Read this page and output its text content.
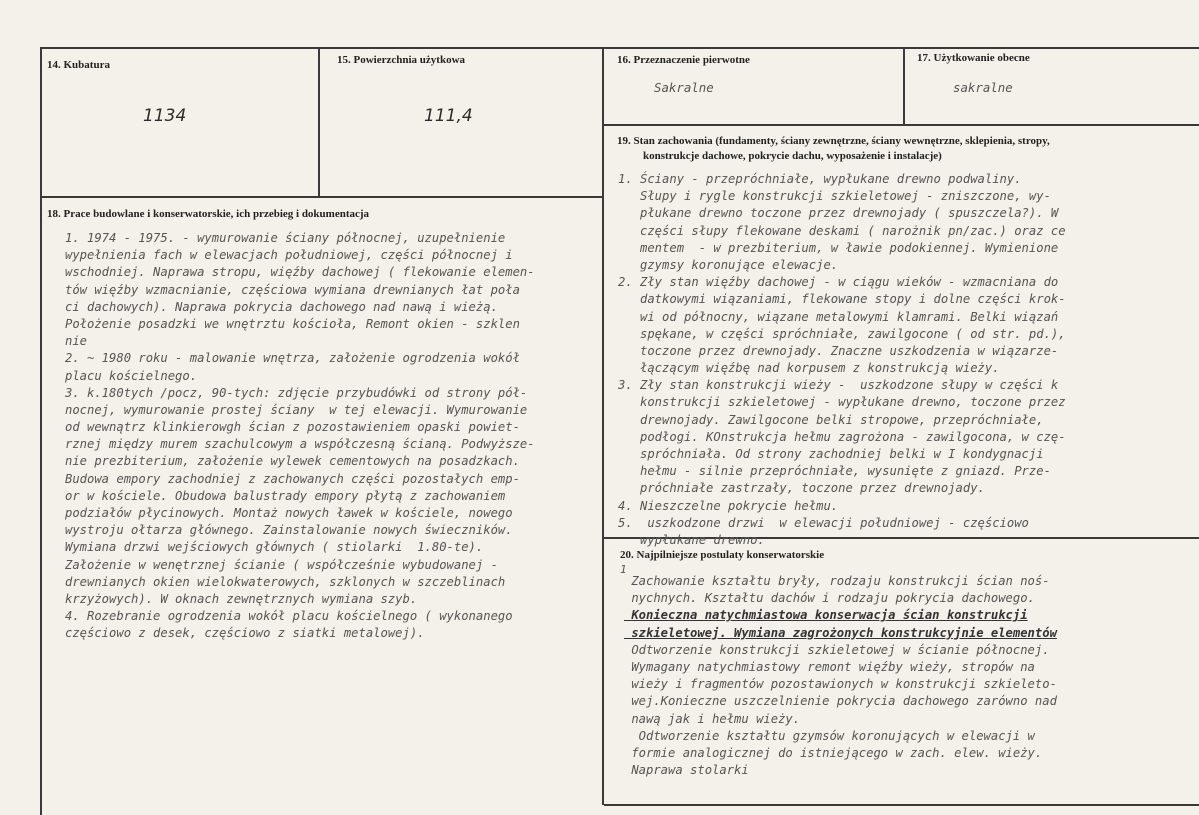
14. Kubatura
1134
15. Powierzchnia użytkowa
111,4
16. Przeznaczenie pierwotne
Sakralne
17. Użytkowanie obecne
sakralne
18. Prace budowlane i konserwatorskie, ich przebieg i dokumentacja
1. 1974 - 1975. - wymurowanie ściany północnej, uzupełnienie
wypełnienia fach w elewacjach południowej, części północnej i
wschodniej. Naprawa stropu, więźby dachowej ( flekowanie elemen-
tów więźby wzmacnianie, częściowa wymiana drewnianych łat poła
ci dachowych). Naprawa pokrycia dachowego nad nawą i wieżą.
Położenie posadzki we wnętrztu kościoła, Remont okien - szklen
nie
2. ~ 1980 roku - malowanie wnętrza, założenie ogrodzenia wokół
placu kościelnego.
3. k.180tych /pocz, 90-tych: zdjęcie przybudówki od strony pół-
nocnej, wymurowanie prostej ściany  w tej elewacji. Wymurowanie
od wewnątrz klinkierowgh ścian z pozostawieniem opaski powiet-
rznej między murem szachulcowym a współczesną ścianą. Podwyższe-
nie prezbiterium, założenie wylewek cementowych na posadzkach.
Budowa empory zachodniej z zachowanych części pozostałych emp-
or w kościele. Obudowa balustrady empory płytą z zachowaniem
podziałów płycinowych. Montaż nowych ławek w kościele, nowego
wystroju ołtarza głównego. Zainstalowanie nowych świeczników.
Wymiana drzwi wejściowych głównych ( stiolarki  1.80-te).
Założenie w wenętrznej ścianie ( współcześnie wybudowanej -
drewnianych okien wielokwaterowych, szklonych w szczeblinach
krzyżowych). W oknach zewnętrznych wymiana szyb.
4. Rozebranie ogrodzenia wokół placu kościelnego ( wykonanego
częściowo z desek, częściowo z siatki metalowej).
19. Stan zachowania (fundamenty, ściany zewnętrzne, ściany wewnętrzne, sklepienia, stropy,
konstrukcje dachowe, pokrycie dachu, wyposażenie i instalacje)
1. Ściany - przepróchniałe, wypłukane drewno podwaliny.
Słupy i rygle konstrukcji szkieletowej - zniszczone, wy-
płukane drewno toczone przez drewnojady ( spuszczela?). W
części słupy flekowane deskami ( narożnik pn/zac.) oraz ce
mentem  - w prezbiterium, w ławie podokiennej. Wymienione
gzymsy koronujące elewacje.
2. Zły stan więźby dachowej - w ciągu wieków - wzmacniana do
datkowymi wiązaniami, flekowane stopy i dolne części krok-
wi od północny, wiązane metalowymi klamrami. Belki wiązań
spękane, w części spróchniałe, zawilgocone ( od str. pd.),
toczone przez drewnojady. Znaczne uszkodzenia w wiązarze-
łączącym więźbę nad korpusem z konstrukcją wieży.
3. Zły stan konstrukcji wieży -  uszkodzone słupy w części k
konstrukcji szkieletowej - wypłukane drewno, toczone przez
drewnojady. Zawilgocone belki stropowe, przepróchniałe,
podłogi. KOnstrukcja hełmu zagrożona - zawilgocona, w czę-
spróchniała. Od strony zachodniej belki w I kondygnacji
hełmu - silnie przepróchniałe, wysunięte z gniazd. Prze-
próchniałe zastrzały, toczone przez drewnojady.
4. Nieszczelne pokrycie hełmu.
5.  uszkodzone drzwi  w elewacji południowej - częściowo
wypłukane drewno.
20. Najpilniejsze postulaty konserwatorskie
1
Zachowanie kształtu bryły, rodzaju konstrukcji ścian noś-
nychnych. Kształtu dachów i rodzaju pokrycia dachowego.
Konieczna natychmiastowa konserwacja ścian konstrukcji
szkieletowej. Wymiana zagrożonych konstrukcyjnie elementów
Odtworzenie konstrukcji szkieletowej w ścianie północnej.
Wymagany natychmiastowy remont więźby wieży, stropów na
wieży i fragmentów pozostawionych w konstrukcji szkieleto-
wej.Konieczne uszczelnienie pokrycia dachowego zarówno nad
nawą jak i hełmu wieży.
Odtworzenie kształtu gzymsów koronujących w elewacji w
formie analogicznej do istniejącego w zach. elew. wieży.
Naprawa stolarki
